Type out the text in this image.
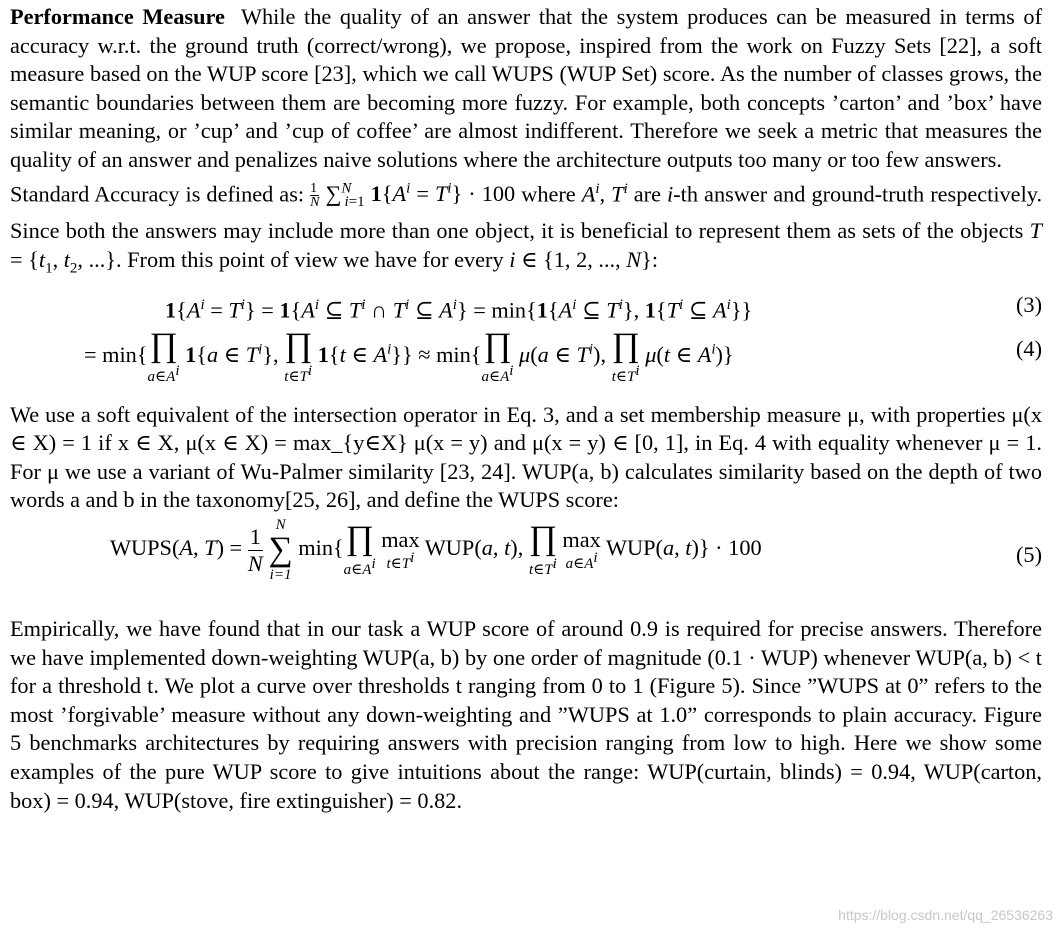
Performance Measure While the quality of an answer that the system produces can be measured in terms of accuracy w.r.t. the ground truth (correct/wrong), we propose, inspired from the work on Fuzzy Sets [22], a soft measure based on the WUP score [23], which we call WUPS (WUP Set) score. As the number of classes grows, the semantic boundaries between them are becoming more fuzzy. For example, both concepts ’carton’ and ’box’ have similar meaning, or ’cup’ and ’cup of coffee’ are almost indifferent. Therefore we seek a metric that measures the quality of an answer and penalizes naive solutions where the architecture outputs too many or too few answers.

Standard Accuracy is defined as: $\frac{1}{N} \sum^N_{i=1}$ $1\{A^i = T^i\} \cdot 100$ where $A^i$, $T^i$ are i-th answer and ground-truth respectively. Since both the answers may include more than one object, it is beneficial to represent them as sets of the objects $T = \{t_1$, $t_2$, ...}. From this point of view we have for every i ∈ {1, 2, ..., N}:

$1\{A^i = T^i\} = 1\{A^i$ ⊆ $T^i$ ∩ $T^i$ ⊆ $A^i\} = \min\{1\{A^i$ ⊆ $T^i$}, $1\{T^i$ ⊆ $A^i$}}	(3)
= min{ ∏
$a\in A^i$
1{a ∈ $T^i$}, ∏
$t\in T^i$
1{t ∈ $A^i\}\} \approx \min${ ∏
$a\in A^i$
μ(a ∈ $T^i$), ∏
$t\in T^i$
μ(t ∈ $A^i$)}	(4)

We use a soft equivalent of the intersection operator in Eq. 3, and a set membership measure μ, with properties μ(x ∈ X) = 1 if x ∈ X, μ(x ∈ X) = max_{y∈X} μ(x = y) and μ(x = y) ∈ [0, 1], in Eq. 4 with equality whenever μ = 1. For μ we use a variant of Wu-Palmer similarity [23, 24]. WUP(a, b) calculates similarity based on the depth of two words a and b in the taxonomy[25, 26], and define the WUPS score:

WUPS(A, $T) = \frac{1}{N}$
N
∑
i=1
min{ ∏
$a\in A^i$

max
$t\in T^i$ WUP(a, t), ∏
$t\in T^i$

max
$a\in A^i$ WUP(a, t)} · 100	(5)

Empirically, we have found that in our task a WUP score of around 0.9 is required for precise answers. Therefore we have implemented down-weighting WUP(a, b) by one order of magnitude (0.1 · WUP) whenever WUP(a, b) < t for a threshold t. We plot a curve over thresholds t ranging from 0 to 1 (Figure 5). Since ”WUPS at 0” refers to the most ’forgivable’ measure without any down-weighting and ”WUPS at 1.0” corresponds to plain accuracy. Figure 5 benchmarks architectures by requiring answers with precision ranging from low to high. Here we show some examples of the pure WUP score to give intuitions about the range: WUP(curtain, blinds) = 0.94, WUP(carton, box) = 0.94, WUP(stove, fire extinguisher) = 0.82.

https://blog.csdn.net/qq_26536263
